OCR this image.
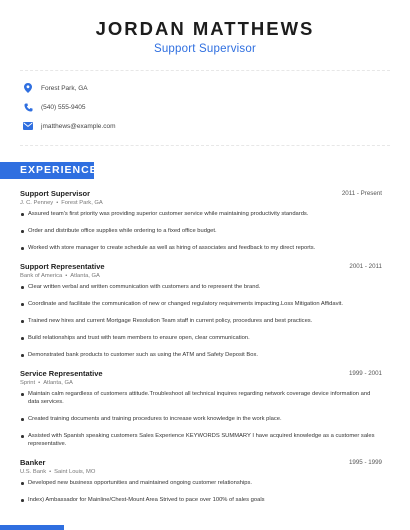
JORDAN MATTHEWS
Support Supervisor
Forest Park, GA
(540) 555-9405
jmatthews@example.com
EXPERIENCE
Support Supervisor	2011 - Present
J. C. Penney • Forest Park, GA
Assured team's first priority was providing superior customer service while maintaining productivity standards.
Order and distribute office supplies while ordering to a fixed office budget.
Worked with store manager to create schedule as well as hiring of associates and feedback to my direct reports.
Support Representative	2001 - 2011
Bank of America • Atlanta, GA
Clear written verbal and written communication with customers and to represent the brand.
Coordinate and facilitate the communication of new or changed regulatory requirements impacting.Loss Mitigation Affidavit.
Trained new hires and current Mortgage Resolution Team staff in current policy, procedures and best practices.
Build relationships and trust with team members to ensure open, clear communication.
Demonstrated bank products to customer such as using the ATM and Safety Deposit Box.
Service Representative	1999 - 2001
Sprint • Atlanta, GA
Maintain calm regardless of customers attitude.Troubleshoot all technical inquires regarding network coverage device information and data services.
Created training documents and training procedures to increase work knowledge in the work place.
Assisted with Spanish speaking customers Sales Experience KEYWORDS SUMMARY I have acquired knowledge as a customer sales representative.
Banker	1995 - 1999
U.S. Bank • Saint Louis, MO
Developed new business opportunities and maintained ongoing customer relationships.
Index) Ambassador for Mainline/Chest-Mount Area Strived to pace over 100% of sales goals
